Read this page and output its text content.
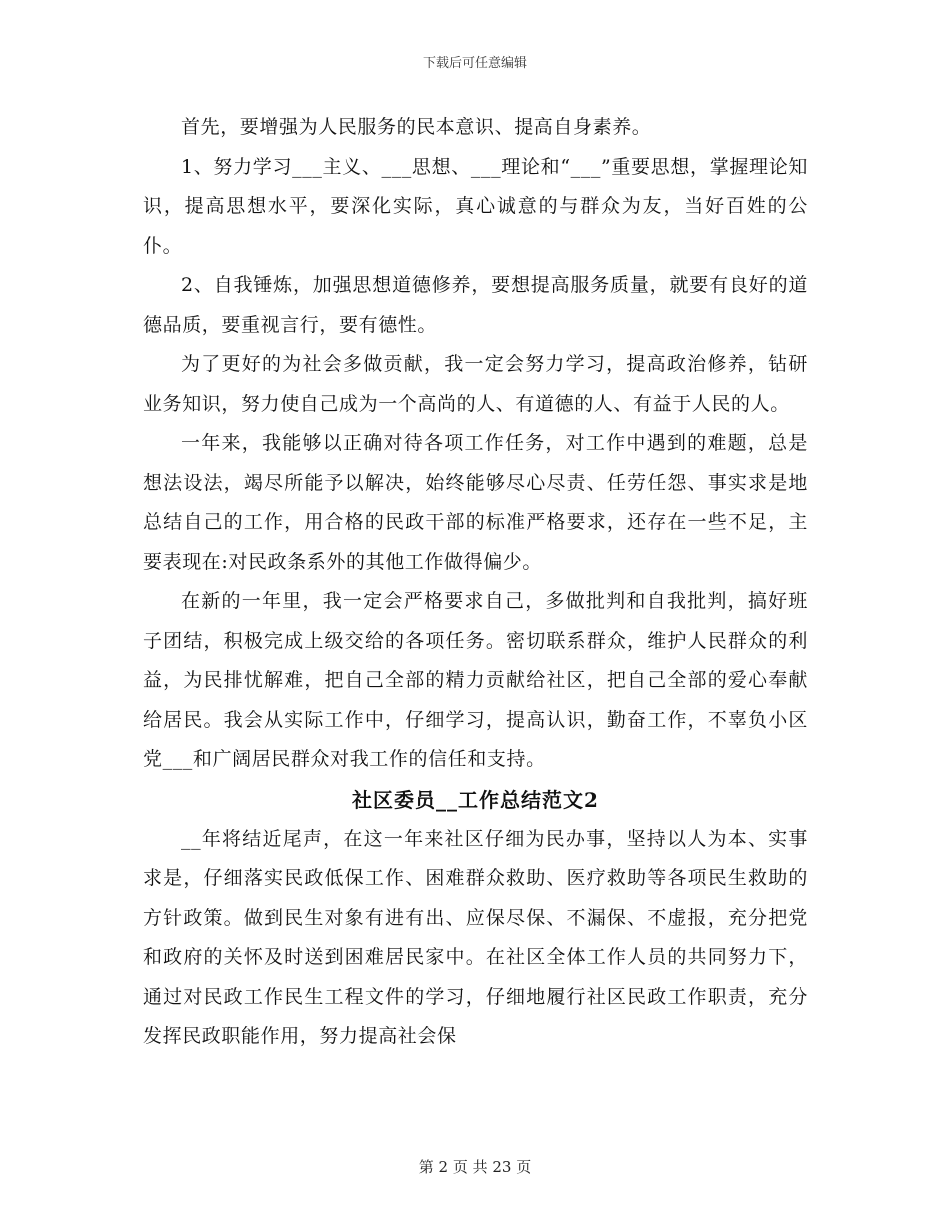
下载后可任意编辑

首先，要增强为人民服务的民本意识、提高自身素养。

1、努力学习___主义、___思想、___理论和“___”重要思想，掌握理论知识，提高思想水平，要深化实际，真心诚意的与群众为友，当好百姓的公仆。

2、自我锤炼，加强思想道德修养，要想提高服务质量，就要有良好的道德品质，要重视言行，要有德性。

为了更好的为社会多做贡献，我一定会努力学习，提高政治修养，钻研业务知识，努力使自己成为一个高尚的人、有道德的人、有益于人民的人。

一年来，我能够以正确对待各项工作任务，对工作中遇到的难题，总是想法设法，竭尽所能予以解决，始终能够尽心尽责、任劳任怨、事实求是地总结自己的工作，用合格的民政干部的标准严格要求，还存在一些不足，主要表现在:对民政条系外的其他工作做得偏少。

在新的一年里，我一定会严格要求自己，多做批判和自我批判，搞好班子团结，积极完成上级交给的各项任务。密切联系群众，维护人民群众的利益，为民排忧解难，把自己全部的精力贡献给社区，把自己全部的爱心奉献给居民。我会从实际工作中，仔细学习，提高认识，勤奋工作，不辜负小区党___和广阔居民群众对我工作的信任和支持。

社区委员__工作总结范文2

__年将结近尾声，在这一年来社区仔细为民办事，坚持以人为本、实事求是，仔细落实民政低保工作、困难群众救助、医疗救助等各项民生救助的方针政策。做到民生对象有进有出、应保尽保、不漏保、不虚报，充分把党和政府的关怀及时送到困难居民家中。在社区全体工作人员的共同努力下，通过对民政工作民生工程文件的学习，仔细地履行社区民政工作职责，充分发挥民政职能作用，努力提高社会保

第 2 页 共 23 页
